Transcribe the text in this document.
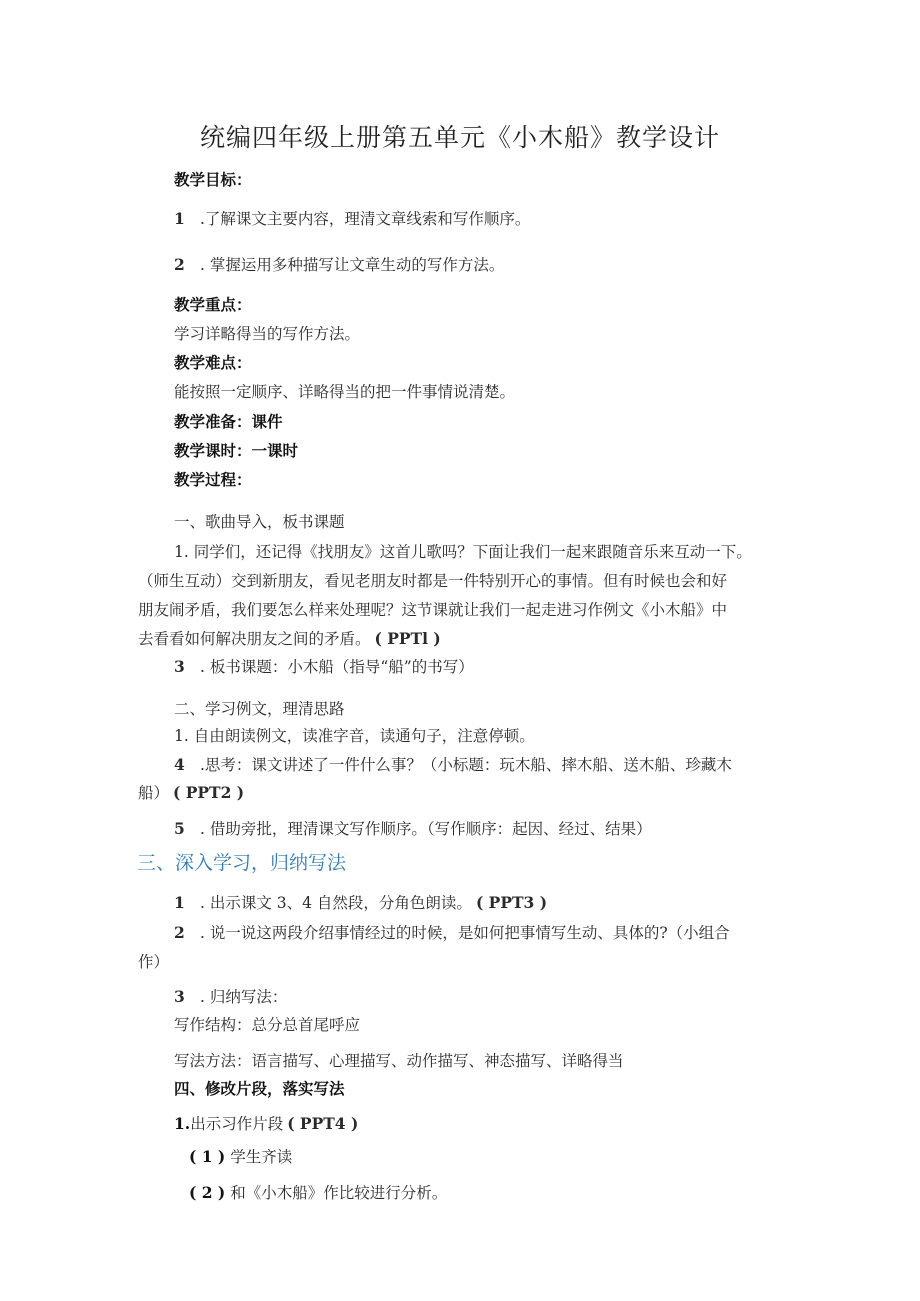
统编四年级上册第五单元《小木船》教学设计
教学目标：
1 .了解课文主要内容，理清文章线索和写作顺序。
2 . 掌握运用多种描写让文章生动的写作方法。
教学重点：
学习详略得当的写作方法。
教学难点：
能按照一定顺序、详略得当的把一件事情说清楚。
教学准备：课件
教学课时：一课时
教学过程：
一、歌曲导入，板书课题
1. 同学们，还记得《找朋友》这首儿歌吗？下面让我们一起来跟随音乐来互动一下。
（师生互动）交到新朋友，看见老朋友时都是一件特别开心的事情。但有时候也会和好
朋友闹矛盾，我们要怎么样来处理呢？这节课就让我们一起走进习作例文《小木船》中
去看看如何解决朋友之间的矛盾。 ( PPTl )
3 . 板书课题：小木船（指导“船”的书写）
二、学习例文，理清思路
1. 自由朗读例文，读准字音，读通句子，注意停顿。
4 .思考：课文讲述了一件什么事？（小标题：玩木船、摔木船、送木船、珍藏木
船） ( PPT2 )
5 . 借助旁批，理清课文写作顺序。（写作顺序：起因、经过、结果）
三、深入学习，归纳写法
1 . 出示课文 3、4 自然段，分角色朗读。 ( PPT3 )
2 . 说一说这两段介绍事情经过的时候，是如何把事情写生动、具体的?（小组合
作）
3 . 归纳写法：
写作结构：总分总首尾呼应
写法方法：语言描写、心理描写、动作描写、神态描写、详略得当
四、修改片段，落实写法
1.出示习作片段 ( PPT4 )
( 1 ) 学生齐读
( 2 ) 和《小木船》作比较进行分析。
